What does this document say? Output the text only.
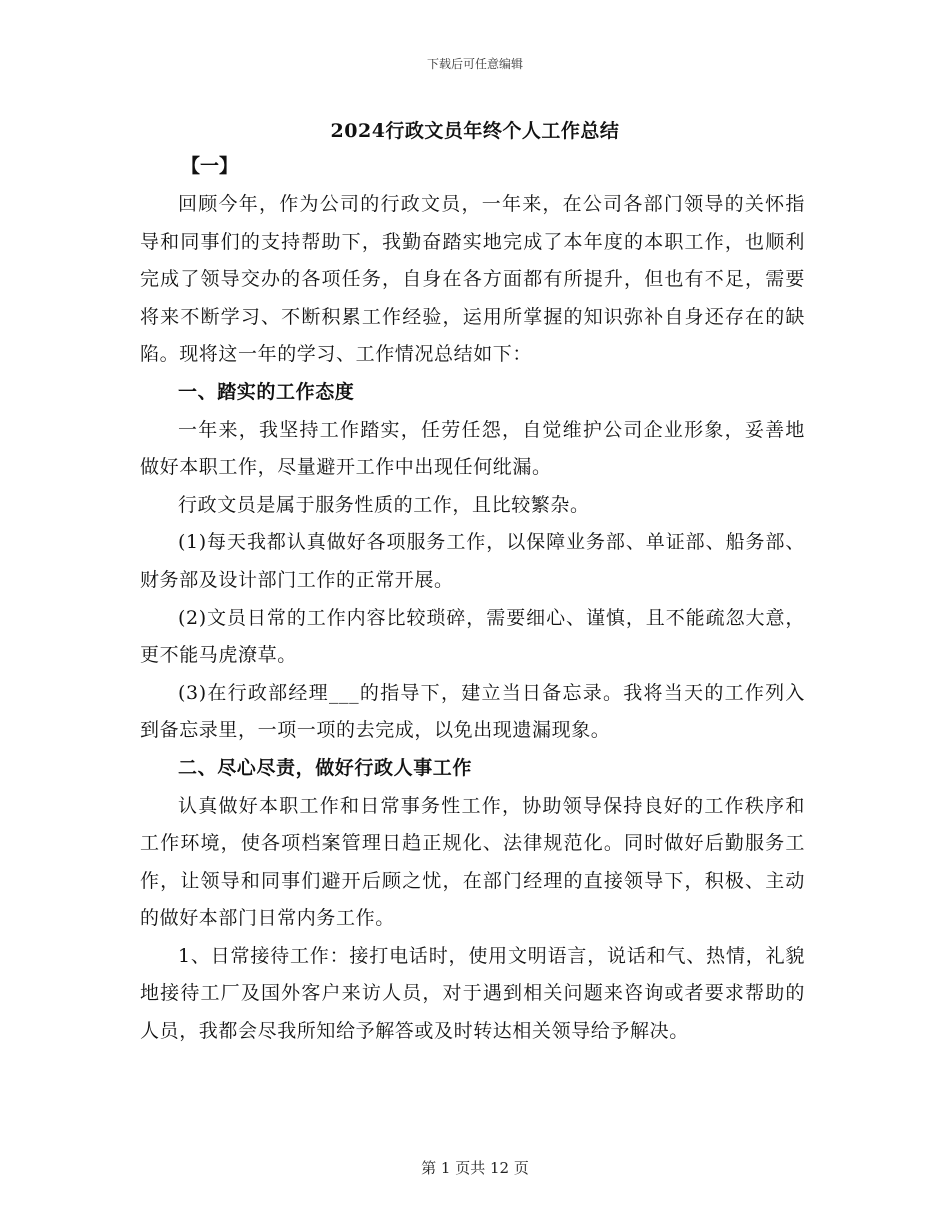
下载后可任意编辑
2024行政文员年终个人工作总结
【一】

回顾今年，作为公司的行政文员，一年来，在公司各部门领导的关怀指导和同事们的支持帮助下，我勤奋踏实地完成了本年度的本职工作，也顺利完成了领导交办的各项任务，自身在各方面都有所提升，但也有不足，需要将来不断学习、不断积累工作经验，运用所掌握的知识弥补自身还存在的缺陷。现将这一年的学习、工作情况总结如下：

一、踏实的工作态度

一年来，我坚持工作踏实，任劳任怨，自觉维护公司企业形象，妥善地做好本职工作，尽量避开工作中出现任何纰漏。

行政文员是属于服务性质的工作，且比较繁杂。

(1)每天我都认真做好各项服务工作，以保障业务部、单证部、船务部、财务部及设计部门工作的正常开展。

(2)文员日常的工作内容比较琐碎，需要细心、谨慎，且不能疏忽大意，更不能马虎潦草。

(3)在行政部经理___的指导下，建立当日备忘录。我将当天的工作列入到备忘录里，一项一项的去完成，以免出现遗漏现象。

二、尽心尽责，做好行政人事工作

认真做好本职工作和日常事务性工作，协助领导保持良好的工作秩序和工作环境，使各项档案管理日趋正规化、法律规范化。同时做好后勤服务工作，让领导和同事们避开后顾之忧，在部门经理的直接领导下，积极、主动的做好本部门日常内务工作。

1、日常接待工作：接打电话时，使用文明语言，说话和气、热情，礼貌地接待工厂及国外客户来访人员，对于遇到相关问题来咨询或者要求帮助的人员，我都会尽我所知给予解答或及时转达相关领导给予解决。

第 1 页共 12 页
